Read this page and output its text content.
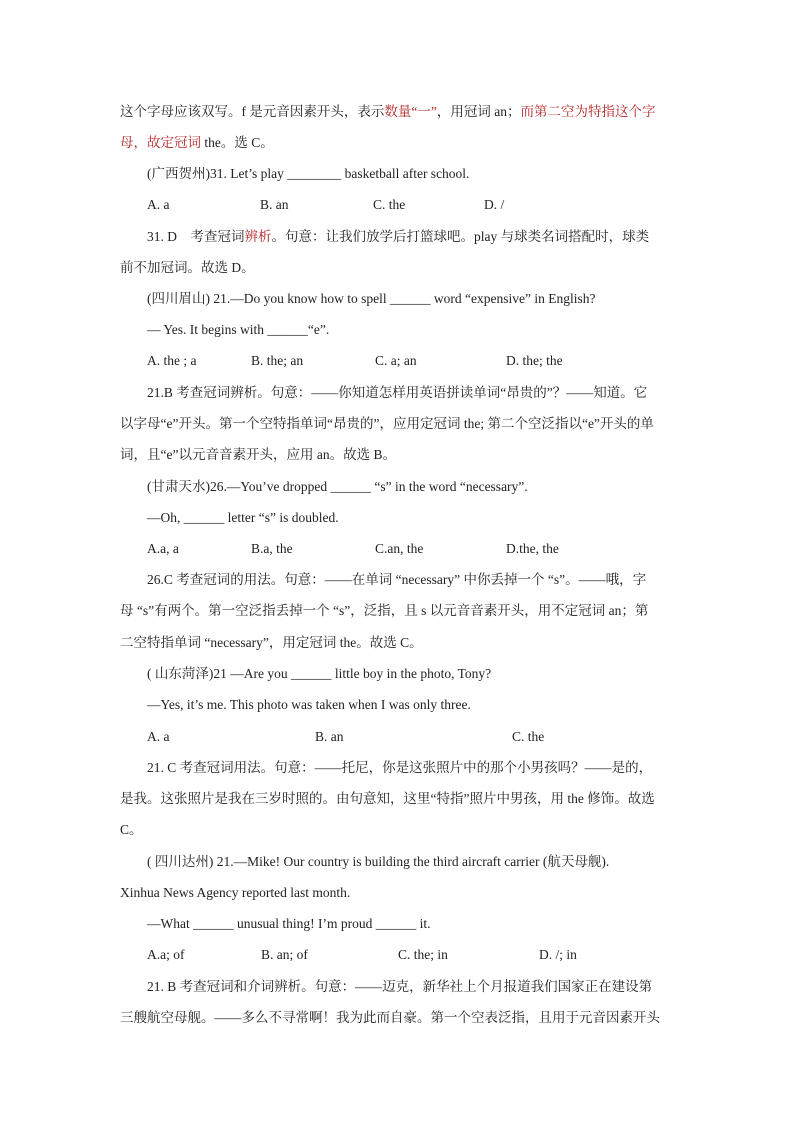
这个字母应该双写。f 是元音因素开头，表示数量“一”，用冠词 an；而第二空为特指这个字
母，故定冠词 the。选 C。
(广西贺州)31. Let’s play ________ basketball after school.
A. a	B. an	C. the	D. /
31. D　考查冠词辨析。句意：让我们放学后打篮球吧。play 与球类名词搭配时，球类
前不加冠词。故选 D。
(四川眉山) 21.—Do you know how to spell ______ word “expensive” in English?
— Yes. It begins with ______“e”.
A. the ; a	B. the; an	C. a; an	D. the; the
21.B 考查冠词辨析。句意：——你知道怎样用英语拼读单词“昂贵的”？——知道。它
以字母“e”开头。第一个空特指单词“昂贵的”，应用定冠词 the; 第二个空泛指以“e”开头的单
词，且“e”以元音音素开头，应用 an。故选 B。
(甘肃天水)26.—You’ve dropped ______ “s” in the word “necessary”.
—Oh, ______ letter “s” is doubled.
A.a, a	B.a, the	C.an, the	D.the, the
26.C 考查冠词的用法。句意：——在单词 “necessary” 中你丢掉一个 “s”。——哦，字
母 “s”有两个。第一空泛指丢掉一个 “s”，泛指，且 s 以元音音素开头，用不定冠词 an；第
二空特指单词 “necessary”，用定冠词 the。故选 C。
( 山东菏泽)21 —Are you ______ little boy in the photo, Tony?
—Yes, it’s me. This photo was taken when I was only three.
A. a	B. an	C. the
21. C 考查冠词用法。句意：——托尼，你是这张照片中的那个小男孩吗？——是的，
是我。这张照片是我在三岁时照的。由句意知，这里“特指”照片中男孩，用 the 修饰。故选
C。
( 四川达州) 21.—Mike! Our country is building the third aircraft carrier (航天母舰).
Xinhua News Agency reported last month.
—What ______ unusual thing! I’m proud ______ it.
A.a; of	B. an; of	C. the; in	D. /; in
21. B 考查冠词和介词辨析。句意：——迈克，新华社上个月报道我们国家正在建设第
三艘航空母舰。——多么不寻常啊！我为此而自豪。第一个空表泛指，且用于元音因素开头
